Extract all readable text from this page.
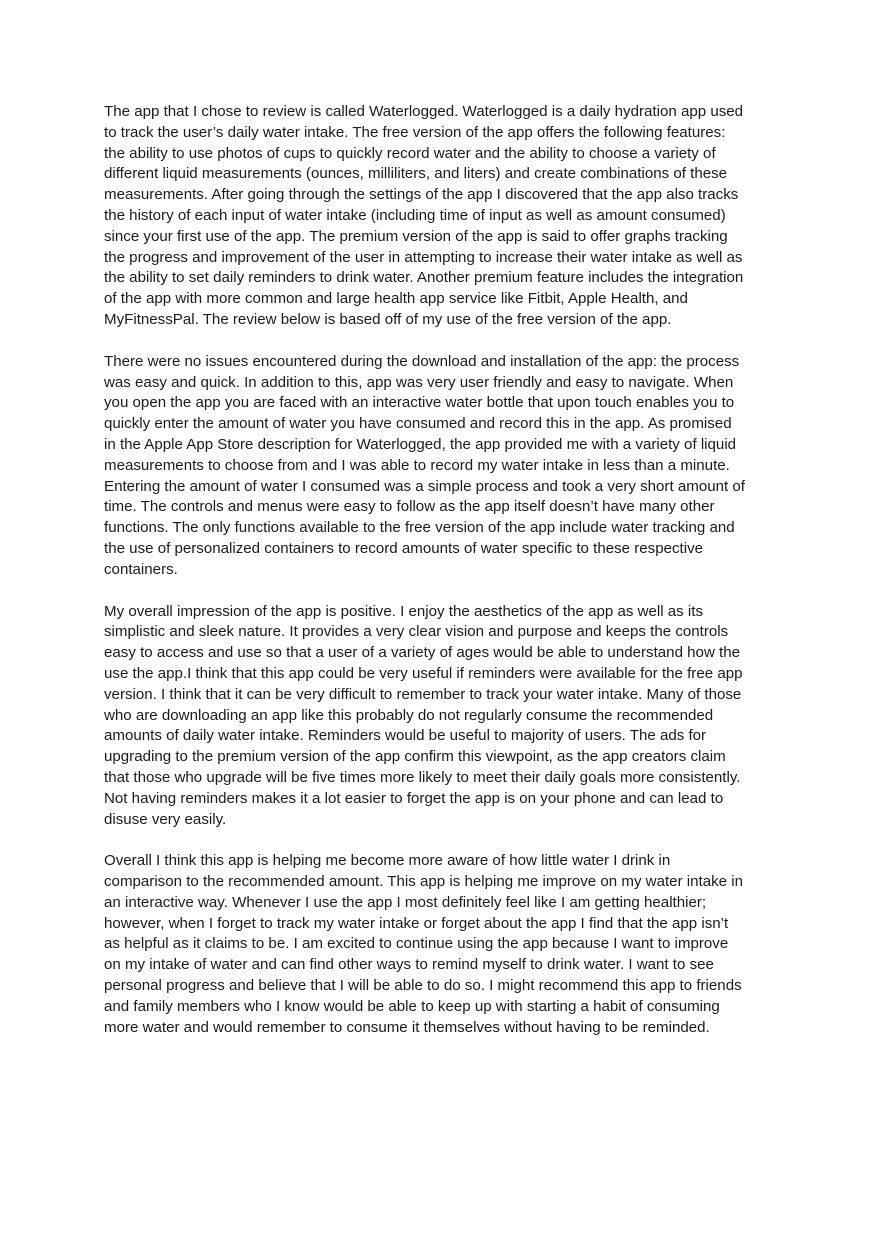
The app that I chose to review is called Waterlogged. Waterlogged is a daily hydration app used
to track the user’s daily water intake. The free version of the app offers the following features:
the ability to use photos of cups to quickly record water and the ability to choose a variety of
different liquid measurements (ounces, milliliters, and liters) and create combinations of these
measurements. After going through the settings of the app I discovered that the app also tracks
the history of each input of water intake (including time of input as well as amount consumed)
since your first use of the app. The premium version of the app is said to offer graphs tracking
the progress and improvement of the user in attempting to increase their water intake as well as
the ability to set daily reminders to drink water. Another premium feature includes the integration
of the app with more common and large health app service like Fitbit, Apple Health, and
MyFitnessPal. The review below is based off of my use of the free version of the app.

There were no issues encountered during the download and installation of the app: the process
was easy and quick. In addition to this, app was very user friendly and easy to navigate. When
you open the app you are faced with an interactive water bottle that upon touch enables you to
quickly enter the amount of water you have consumed and record this in the app. As promised
in the Apple App Store description for Waterlogged, the app provided me with a variety of liquid
measurements to choose from and I was able to record my water intake in less than a minute.
Entering the amount of water I consumed was a simple process and took a very short amount of
time. The controls and menus were easy to follow as the app itself doesn’t have many other
functions. The only functions available to the free version of the app include water tracking and
the use of personalized containers to record amounts of water specific to these respective
containers.

My overall impression of the app is positive. I enjoy the aesthetics of the app as well as its
simplistic and sleek nature. It provides a very clear vision and purpose and keeps the controls
easy to access and use so that a user of a variety of ages would be able to understand how the
use the app.I think that this app could be very useful if reminders were available for the free app
version. I think that it can be very difficult to remember to track your water intake. Many of those
who are downloading an app like this probably do not regularly consume the recommended
amounts of daily water intake. Reminders would be useful to majority of users. The ads for
upgrading to the premium version of the app confirm this viewpoint, as the app creators claim
that those who upgrade will be five times more likely to meet their daily goals more consistently.
Not having reminders makes it a lot easier to forget the app is on your phone and can lead to
disuse very easily.

Overall I think this app is helping me become more aware of how little water I drink in
comparison to the recommended amount. This app is helping me improve on my water intake in
an interactive way. Whenever I use the app I most definitely feel like I am getting healthier;
however, when I forget to track my water intake or forget about the app I find that the app isn’t
as helpful as it claims to be. I am excited to continue using the app because I want to improve
on my intake of water and can find other ways to remind myself to drink water. I want to see
personal progress and believe that I will be able to do so. I might recommend this app to friends
and family members who I know would be able to keep up with starting a habit of consuming
more water and would remember to consume it themselves without having to be reminded.
